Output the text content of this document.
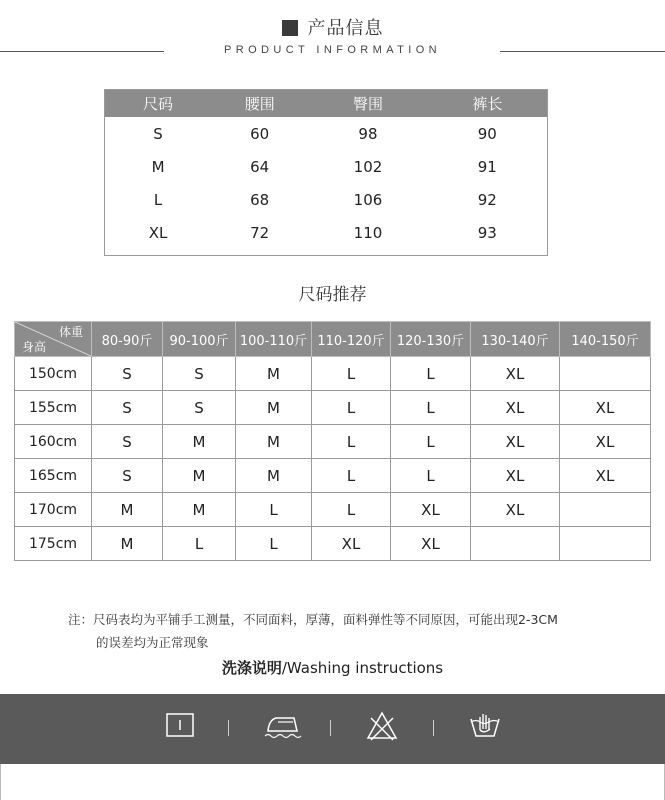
产品信息
PRODUCT INFORMATION
尺码	腰围	臀围	裤长
S	60	98	90
M	64	102	91
L	68	106	92
XL	72	110	93
尺码推荐
体重
身高	80-90斤	90-100斤	100-110斤	110-120斤	120-130斤	130-140斤	140-150斤
150cm	S	S	M	L	L	XL	
155cm	S	S	M	L	L	XL	XL
160cm	S	M	M	L	L	XL	XL
165cm	S	M	M	L	L	XL	XL
170cm	M	M	L	L	XL	XL	
175cm	M	L	L	XL	XL		
注：尺码表均为平铺手工测量，不同面料，厚薄，面料弹性等不同原因，可能出现2-3CM
的误差均为正常现象
洗涤说明/Washing instructions
